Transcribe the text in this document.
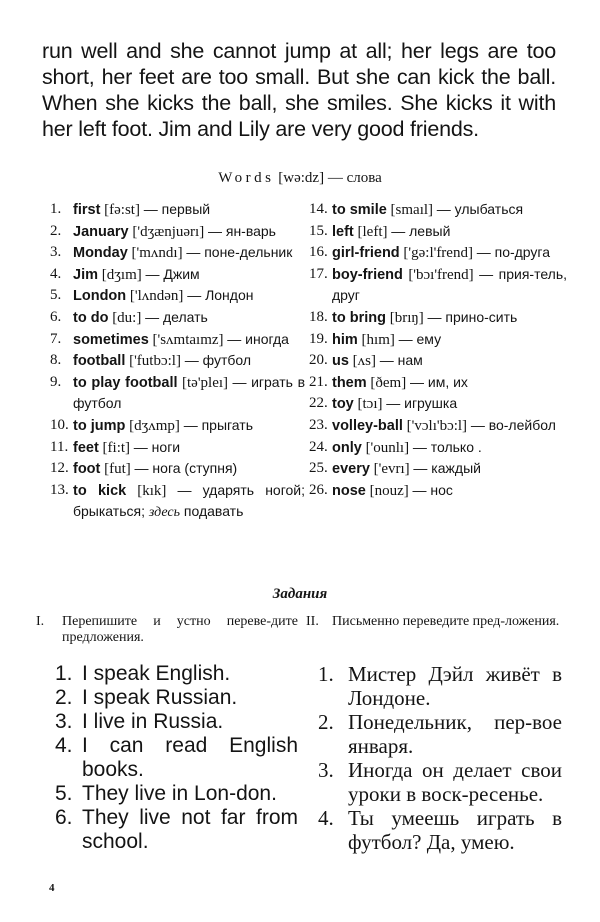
run well and she cannot jump at all; her legs are too short, her feet are too small. But she can kick the ball. When she kicks the ball, she smiles. She kicks it with her left foot. Jim and Lily are very good friends.

Words [wə:dz] — слова
1. first [fə:st] — первый
2. January ['dʒænjuərı] — ян-варь
3. Monday ['mʌndı] — поне-дельник
4. Jim [dʒım] — Джим
5. London ['lʌndən] — Лондон
6. to do [du:] — делать
7. sometimes ['sʌmtaımz] — иногда
8. football ['futbɔ:l] — футбол
9. to play football [tə'pleı] — играть в футбол
10. to jump [dʒʌmp] — прыгать
11. feet [fi:t] — ноги
12. foot [fut] — нога (ступня)
13. to kick [kık] — ударять ногой; брыкаться; здесь подавать
14. to smile [smaıl] — улыбаться
15. left [left] — левый
16. girl-friend ['gə:l'frend] — по-друга
17. boy-friend ['bɔı'frend] — прия-тель, друг
18. to bring [brıŋ] — прино-сить
19. him [hım] — ему
20. us [ʌs] — нам
21. them [ðem] — им, их
22. toy [tɔı] — игрушка
23. volley-ball ['vɔlı'bɔ:l] — во-лейбол
24. only ['ounlı] — только .
25. every ['evrı] — каждый
26. nose [nouz] — нос
Задания
I.	Перепишите и устно переве-дите предложения.
II. Письменно переведите пред-ложения.
1. I speak English.
2. I speak Russian.
3. I live in Russia.
4. I can read English books.
5. They live in Lon-don.
6. They live not far from school.
1. Мистер Дэйл живёт в Лондоне.
2. Понедельник, пер-вое января.
3. Иногда он делает свои уроки в воск-ресенье.
4. Ты умеешь играть в футбол? Да, умею.
4
